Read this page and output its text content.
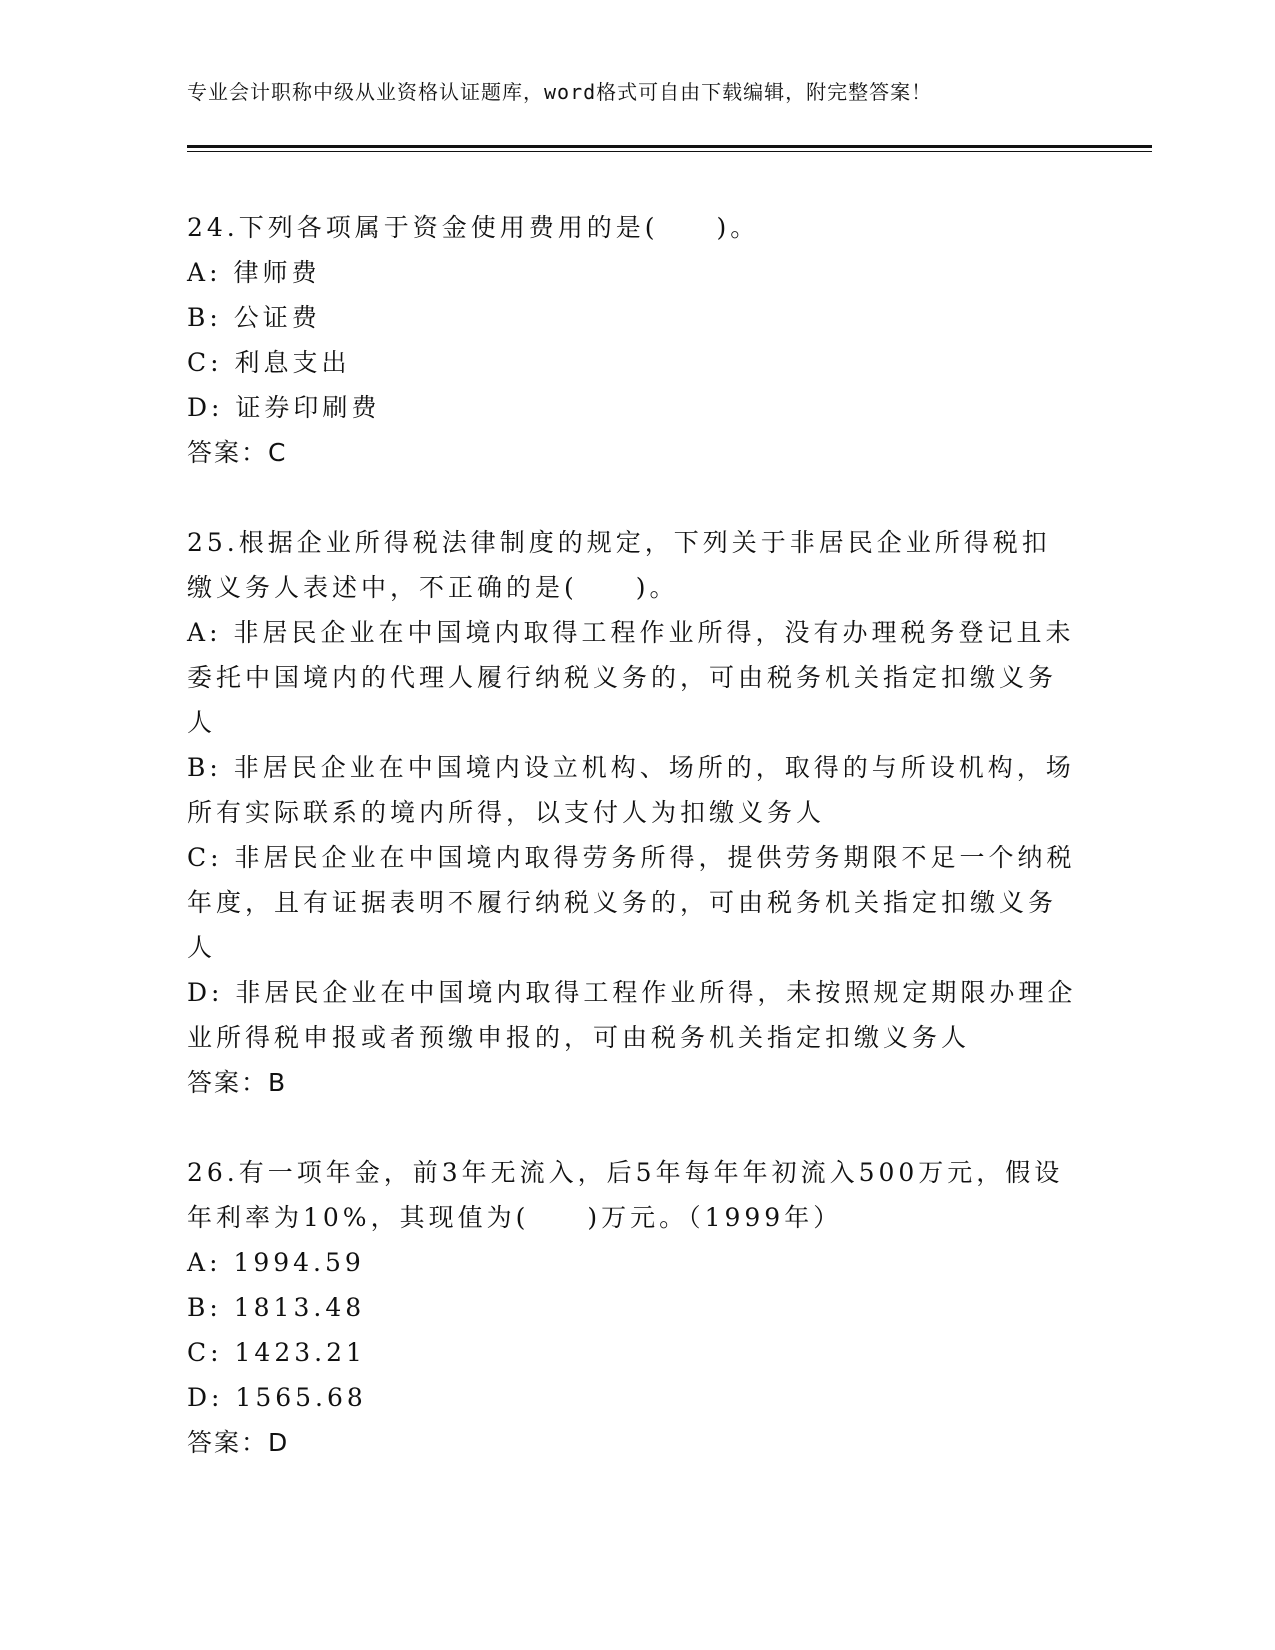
专业会计职称中级从业资格认证题库，word格式可自由下载编辑，附完整答案！

24.下列各项属于资金使用费用的是(　　)。

A: 律师费

B: 公证费

C: 利息支出

D: 证券印刷费

答案：C

25.根据企业所得税法律制度的规定，下列关于非居民企业所得税扣缴义务人表述中，不正确的是(　　)。

A: 非居民企业在中国境内取得工程作业所得，没有办理税务登记且未委托中国境内的代理人履行纳税义务的，可由税务机关指定扣缴义务人

B: 非居民企业在中国境内设立机构、场所的，取得的与所设机构，场所有实际联系的境内所得，以支付人为扣缴义务人

C: 非居民企业在中国境内取得劳务所得，提供劳务期限不足一个纳税年度，且有证据表明不履行纳税义务的，可由税务机关指定扣缴义务人

D: 非居民企业在中国境内取得工程作业所得，未按照规定期限办理企业所得税申报或者预缴申报的，可由税务机关指定扣缴义务人

答案：B

26.有一项年金，前3年无流入，后5年每年年初流入500万元，假设年利率为10%，其现值为(　　)万元。（1999年）

A: 1994.59

B: 1813.48

C: 1423.21

D: 1565.68

答案：D
